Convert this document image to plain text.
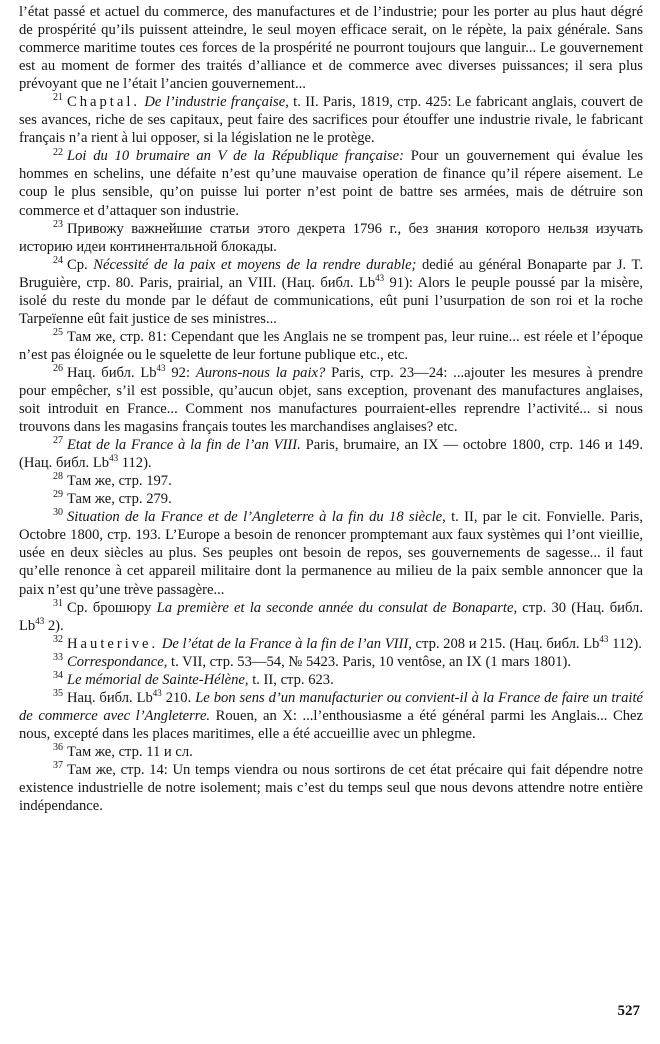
l’état passé et actuel du commerce, des manufactures et de l’industrie; pour les porter au plus haut dégré de prospérité qu’ils puissent atteindre, le seul moyen efficace serait, on le répète, la paix générale. Sans commerce maritime toutes ces forces de la prospérité ne pourront toujours que languir... Le gouvernement est au moment de former des traités d’alliance et de commerce avec diverses puissances; il sera plus prévoyant que ne l’était l’ancien gouvernement...

$^{21}$ Chaptal. De l’industrie française, t. II. Paris, 1819, стр. 425: Le fabricant anglais, couvert de ses avances, riche de ses capitaux, peut faire des sacrifices pour étouffer une industrie rivale, le fabricant français n’a rient à lui opposer, si la législation ne le protège.

$^{22}$ Loi du 10 brumaire an V de la République française: Pour un gouvernement qui évalue les hommes en schelins, une défaite n’est qu’une mauvaise operation de finance qu’il répere aisement. Le coup le plus sensible, qu’on puisse lui porter n’est point de battre ses armées, mais de détruire son commerce et d’attaquer son industrie.

$^{23}$ Привожу важнейшие статьи этого декрета 1796 г., без знания которого нельзя изучать историю идеи континентальной блокады.

$^{24}$ Ср. Nécessité de la paix et moyens de la rendre durable; dedié au général Bonaparte par J. T. Bruguière, стр. 80. Paris, prairial, an VIII. (Нац. библ. Lb$^{43}$ 91): Alors le peuple poussé par la misère, isolé du reste du monde par le défaut de communications, eût puni l’usurpation de son roi et la roche Tarpeïenne eût fait justice de ses ministres...

$^{25}$ Там же, стр. 81: Cependant que les Anglais ne se trompent pas, leur ruine... est réele et l’époque n’est pas éloignée ou le squelette de leur fortune publique etc., etc.

$^{26}$ Нац. библ. Lb$^{43}$ 92: Aurons-nous la paix? Paris, стр. 23—24: ...ajouter les mesures à prendre pour empêcher, s’il est possible, qu’aucun objet, sans exception, provenant des manufactures anglaises, soit introduit en France... Comment nos manufactures pourraient-elles reprendre l’activité... si nous trouvons dans les magasins français toutes les marchandises anglaises? etc.

$^{27}$ Etat de la France à la fin de l’an VIII. Paris, brumaire, an IX — octobre 1800, стр. 146 и 149. (Нац. библ. Lb$^{43}$ 112).

$^{28}$ Там же, стр. 197.

$^{29}$ Там же, стр. 279.

$^{30}$ Situation de la France et de l’Angleterre à la fin du 18 siècle, t. II, par le cit. Fonvielle. Paris, Octobre 1800, стр. 193. L’Europe a besoin de renoncer promptemant aux faux systèmes qui l’ont vieillie, usée en deux siècles au plus. Ses peuples ont besoin de repos, ses gouvernements de sagesse... il faut qu’elle renonce à cet appareil militaire dont la permanence au milieu de la paix semble annoncer que la paix n’est qu’une trève passagère...

$^{31}$ Ср. брошюру La première et la seconde année du consulat de Bonaparte, стр. 30 (Нац. библ. Lb$^{43}$ 2).

$^{32}$ Hauterive. De l’état de la France à la fin de l’an VIII, стр. 208 и 215. (Нац. библ. Lb$^{43}$ 112).

$^{33}$ Correspondance, t. VII, стр. 53—54, № 5423. Paris, 10 ventôse, an IX (1 mars 1801).

$^{34}$ Le mémorial de Sainte-Hélène, t. II, стр. 623.

$^{35}$ Нац. библ. Lb$^{43}$ 210. Le bon sens d’un manufacturier ou convient-il à la France de faire un traité de commerce avec l’Angleterre. Rouen, an X: ...l’enthousiasme a été général parmi les Anglais... Chez nous, excepté dans les places maritimes, elle a été accueillie avec un phlegme.

$^{36}$ Там же, стр. 11 и сл.

$^{37}$ Там же, стр. 14: Un temps viendra ou nous sortirons de cet état précaire qui fait dépendre notre existence industrielle de notre isolement; mais c’est du temps seul que nous devons attendre notre entière indépendance.

527
